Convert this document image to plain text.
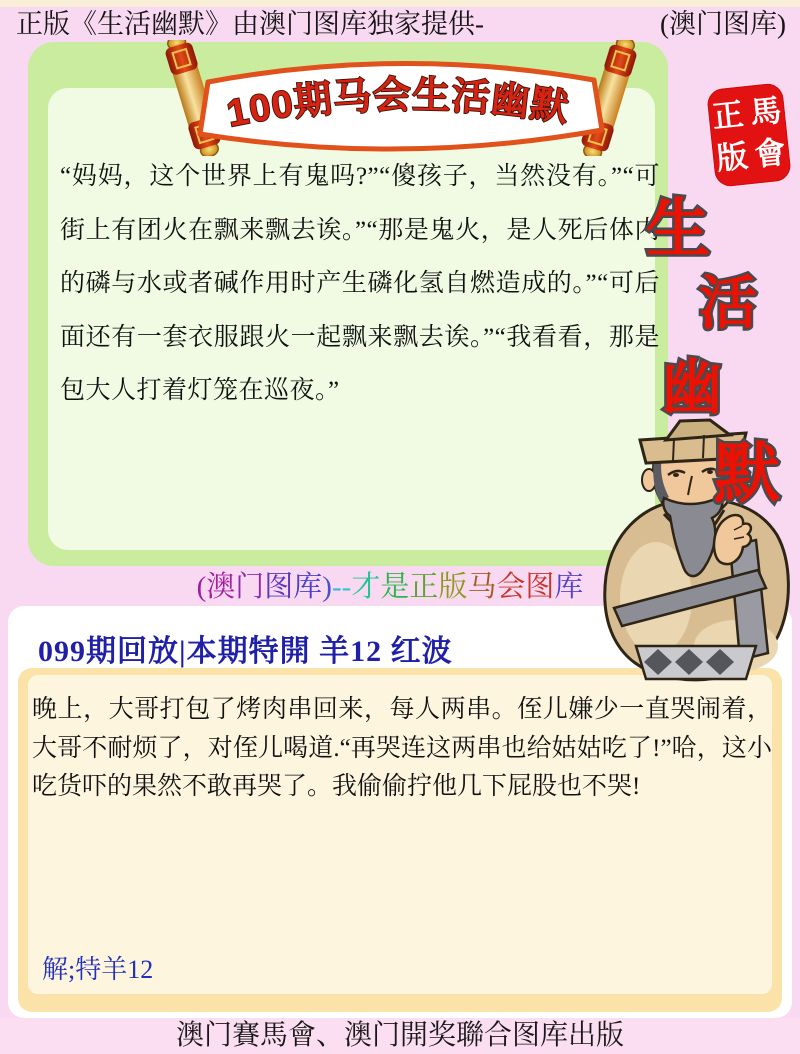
正版《生活幽默》由澳门图库独家提供-	(澳门图库)

“妈妈，这个世界上有鬼吗?”“傻孩子，当然没有。”“可街上有团火在飘来飘去诶。”“那是鬼火，是人死后体内的磷与水或者碱作用时产生磷化氢自燃造成的。”“可后面还有一套衣服跟火一起飘来飘去诶。”“我看看，那是包大人打着灯笼在巡夜。”

100期马会生活幽默	正 馬
版 會
生
活
幽
默
(澳门图库)--才是正版马会图库
099期回放|本期特開 羊12 红波

晚上，大哥打包了烤肉串回来，每人两串。侄儿嫌少一直哭闹着，大哥不耐烦了，对侄儿喝道.“再哭连这两串也给姑姑吃了!”哈，这小吃货吓的果然不敢再哭了。我偷偷拧他几下屁股也不哭!

解;特羊12
澳门賽馬會、澳门開奖聯合图库出版
